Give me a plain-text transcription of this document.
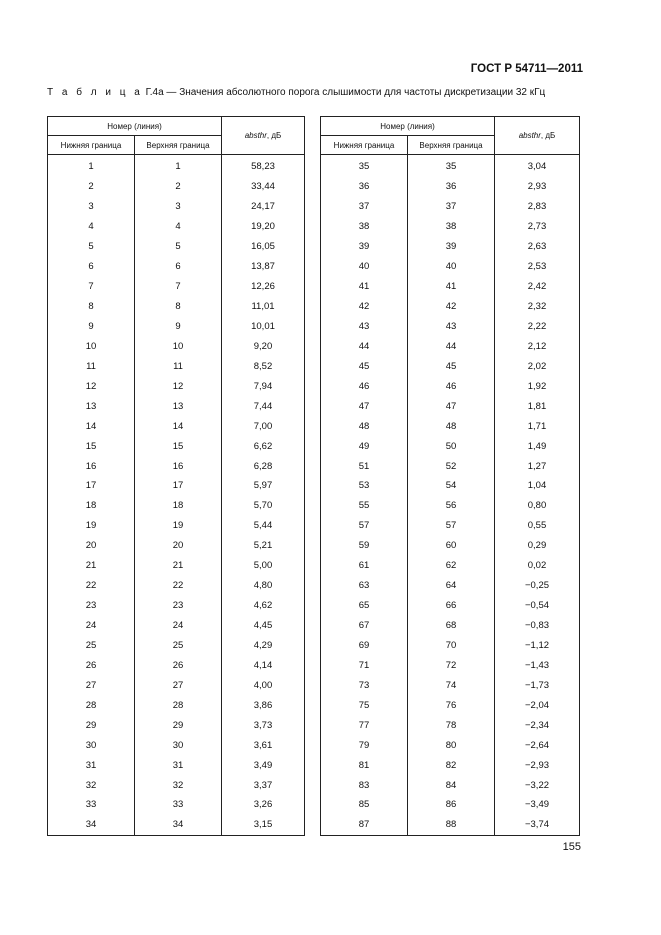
ГОСТ Р 54711—2011
Т а б л и ц а Г.4а — Значения абсолютного порога слышимости для частоты дискретизации 32 кГц
Номер (линия)		absthr, дБ
Нижняя граница	Верхняя граница	
1	1	58,23
2	2	33,44
3	3	24,17
4	4	19,20
5	5	16,05
6	6	13,87
7	7	12,26
8	8	11,01
9	9	10,01
10	10	9,20
11	11	8,52
12	12	7,94
13	13	7,44
14	14	7,00
15	15	6,62
16	16	6,28
17	17	5,97
18	18	5,70
19	19	5,44
20	20	5,21
21	21	5,00
22	22	4,80
23	23	4,62
24	24	4,45
25	25	4,29
26	26	4,14
27	27	4,00
28	28	3,86
29	29	3,73
30	30	3,61
31	31	3,49
32	32	3,37
33	33	3,26
34	34	3,15
Номер (линия)		absthr, дБ
Нижняя граница	Верхняя граница	
35	35	3,04
36	36	2,93
37	37	2,83
38	38	2,73
39	39	2,63
40	40	2,53
41	41	2,42
42	42	2,32
43	43	2,22
44	44	2,12
45	45	2,02
46	46	1,92
47	47	1,81
48	48	1,71
49	50	1,49
51	52	1,27
53	54	1,04
55	56	0,80
57	57	0,55
59	60	0,29
61	62	0,02
63	64	−0,25
65	66	−0,54
67	68	−0,83
69	70	−1,12
71	72	−1,43
73	74	−1,73
75	76	−2,04
77	78	−2,34
79	80	−2,64
81	82	−2,93
83	84	−3,22
85	86	−3,49
87	88	−3,74
155
